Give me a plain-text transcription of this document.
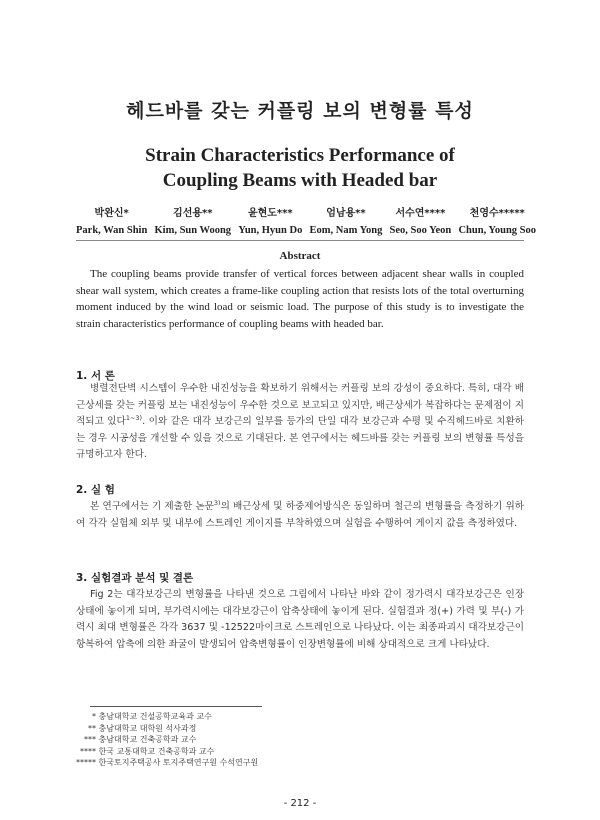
헤드바를 갖는 커플링 보의 변형률 특성
Strain Characteristics Performance of
Coupling Beams with Headed bar
박완신*
Park, Wan Shin
김선용**
Kim, Sun Woong
윤현도***
Yun, Hyun Do
엄남용**
Eom, Nam Yong
서수연****
Seo, Soo Yeon
천영수*****
Chun, Young Soo
Abstract

The coupling beams provide transfer of vertical forces between adjacent shear walls in coupled shear wall system, which creates a frame-like coupling action that resists lots of the total overturning moment induced by the wind load or seismic load. The purpose of this study is to investigate the strain characteristics performance of coupling beams with headed bar.

1. 서 론

병렬전단벽 시스템이 우수한 내진성능을 확보하기 위해서는 커플링 보의 강성이 중요하다. 특히, 대각 배근상세를 갖는 커플링 보는 내진성능이 우수한 것으로 보고되고 있지만, 배근상세가 복잡하다는 문제점이 지적되고 있다$^{1\sim 3)}$. 이와 같은 대각 보강근의 일부를 등가의 단일 대각 보강근과 수평 및 수직헤드바로 치환하는 경우 시공성을 개선할 수 있을 것으로 기대된다. 본 연구에서는 헤드바를 갖는 커플링 보의 변형률 특성을 규명하고자 한다.

2. 실 험

본 연구에서는 기 제출한 논문$^{3)}$의 배근상세 및 하중제어방식은 동일하며 철근의 변형률을 측정하기 위하여 각각 실험체 외부 및 내부에 스트레인 게이지를 부착하였으며 실험을 수행하여 게이지 값을 측정하였다.

3. 실험결과 분석 및 결론

Fig 2는 대각보강근의 변형률을 나타낸 것으로 그림에서 나타난 바와 같이 정가력시 대각보강근은 인장상태에 놓이게 되며, 부가력시에는 대각보강근이 압축상태에 놓이게 된다. 실험결과 정(+) 가력 및 부(-) 가력시 최대 변형률은 각각 3637 및 -12522마이크로 스트레인으로 나타났다. 이는 최종파괴시 대각보강근이 항복하여 압축에 의한 좌굴이 발생되어 압축변형률이 인장변형률에 비해 상대적으로 크게 나타났다.

* 충남대학교 건설공학교육과 교수
** 충남대학교 대학원 석사과정
*** 충남대학교 건축공학과 교수
**** 한국 교통대학교 건축공학과 교수
***** 한국토지주택공사 토지주택연구원 수석연구원
- 212 -
